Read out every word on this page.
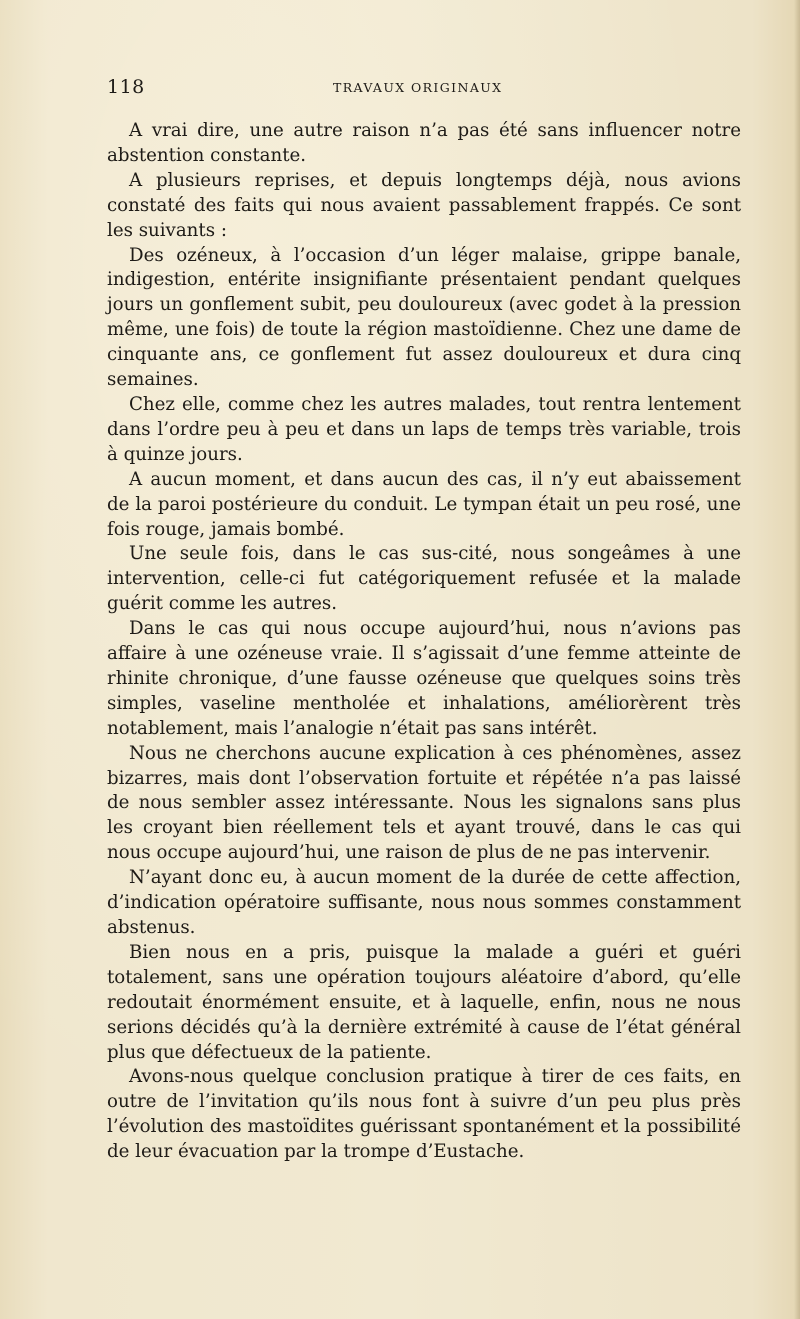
118	TRAVAUX ORIGINAUX

A vrai dire, une autre raison n’a pas été sans influencer notre abstention constante.

A plusieurs reprises, et depuis longtemps déjà, nous avions constaté des faits qui nous avaient passablement frappés. Ce sont les suivants :

Des ozéneux, à l’occasion d’un léger malaise, grippe banale, indigestion, entérite insignifiante présentaient pendant quelques jours un gonflement subit, peu douloureux (avec godet à la pression même, une fois) de toute la région mastoïdienne. Chez une dame de cinquante ans, ce gonflement fut assez douloureux et dura cinq semaines.

Chez elle, comme chez les autres malades, tout rentra lentement dans l’ordre peu à peu et dans un laps de temps très variable, trois à quinze jours.

A aucun moment, et dans aucun des cas, il n’y eut abaissement de la paroi postérieure du conduit. Le tympan était un peu rosé, une fois rouge, jamais bombé.

Une seule fois, dans le cas sus-cité, nous songeâmes à une intervention, celle-ci fut catégoriquement refusée et la malade guérit comme les autres.

Dans le cas qui nous occupe aujourd’hui, nous n’avions pas affaire à une ozéneuse vraie. Il s’agissait d’une femme atteinte de rhinite chronique, d’une fausse ozéneuse que quelques soins très simples, vaseline mentholée et inhalations, améliorèrent très notablement, mais l’analogie n’était pas sans intérêt.

Nous ne cherchons aucune explication à ces phénomènes, assez bizarres, mais dont l’observation fortuite et répétée n’a pas laissé de nous sembler assez intéressante. Nous les signalons sans plus les croyant bien réellement tels et ayant trouvé, dans le cas qui nous occupe aujourd’hui, une raison de plus de ne pas intervenir.

N’ayant donc eu, à aucun moment de la durée de cette affection, d’indication opératoire suffisante, nous nous sommes constamment abstenus.

Bien nous en a pris, puisque la malade a guéri et guéri totalement, sans une opération toujours aléatoire d’abord, qu’elle redoutait énormément ensuite, et à laquelle, enfin, nous ne nous serions décidés qu’à la dernière extrémité à cause de l’état général plus que défectueux de la patiente.

Avons-nous quelque conclusion pratique à tirer de ces faits, en outre de l’invitation qu’ils nous font à suivre d’un peu plus près l’évolution des mastoïdites guérissant spontanément et la possibilité de leur évacuation par la trompe d’Eustache.
